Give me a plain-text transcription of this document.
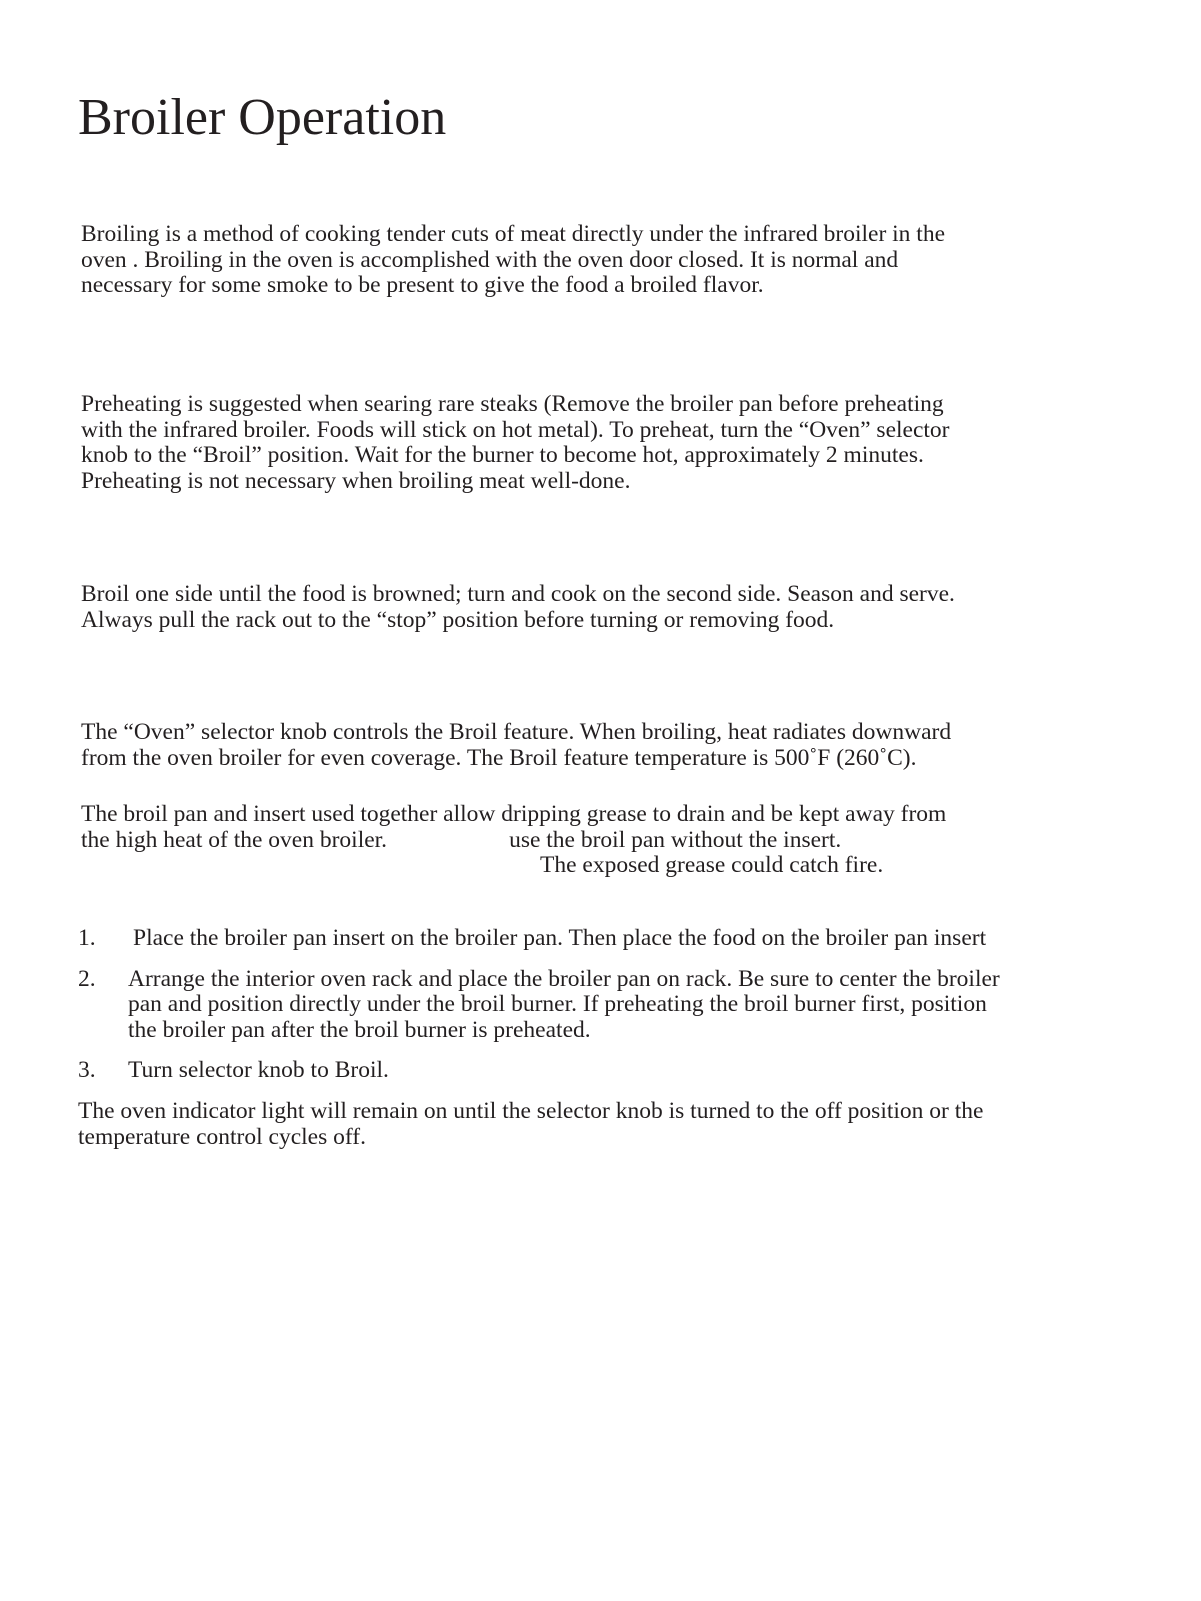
Broiler Operation

Broiling is a method of cooking tender cuts of meat directly under the infrared broiler in the
oven . Broiling in the oven is accomplished with the oven door closed. It is normal and
necessary for some smoke to be present to give the food a broiled flavor.

Preheating is suggested when searing rare steaks (Remove the broiler pan before preheating
with the infrared broiler. Foods will stick on hot metal). To preheat, turn the “Oven” selector
knob to the “Broil” position. Wait for the burner to become hot, approximately 2 minutes.
Preheating is not necessary when broiling meat well-done.

Broil one side until the food is browned; turn and cook on the second side. Season and serve.
Always pull the rack out to the “stop” position before turning or removing food.

The “Oven” selector knob controls the Broil feature. When broiling, heat radiates downward
from the oven broiler for even coverage. The Broil feature temperature is 500˚F (260˚C).

The broil pan and insert used together allow dripping grease to drain and be kept away from
the high heat of the oven broiler.	use the broil pan without the insert.
The exposed grease could catch fire.

1. Place the broiler pan insert on the broiler pan. Then place the food on the broiler pan insert
2. Arrange the interior oven rack and place the broiler pan on rack. Be sure to center the broiler
pan and position directly under the broil burner. If preheating the broil burner first, position
the broiler pan after the broil burner is preheated.
3. Turn selector knob to Broil.

The oven indicator light will remain on until the selector knob is turned to the off position or the
temperature control cycles off.
